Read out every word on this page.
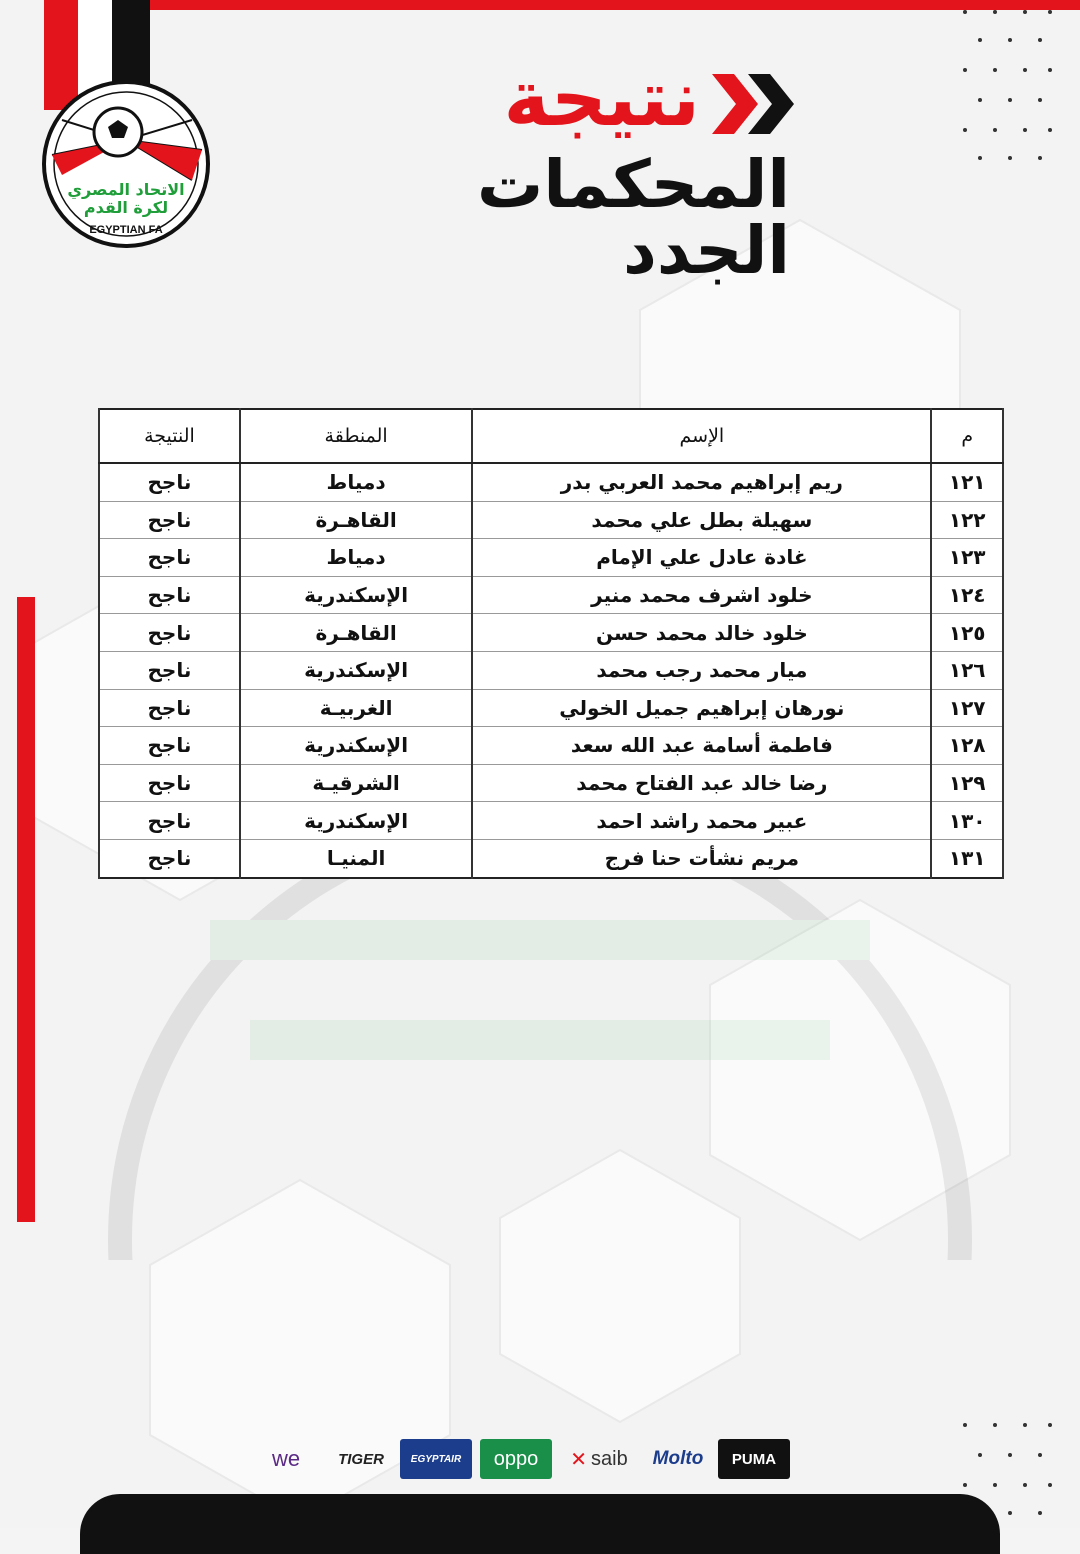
الاتحاد المصري
لكرة القدم
EGYPTIAN FA
نتيجة
المحكمات الجدد
م	الإسم	المنطقة	النتيجة
١٢١	ريم إبراهيم محمد العربي بدر	دمياط	ناجح
١٢٢	سهيلة بطل علي محمد	القاهـرة	ناجح
١٢٣	غادة عادل علي الإمام	دمياط	ناجح
١٢٤	خلود اشرف محمد منير	الإسكندرية	ناجح
١٢٥	خلود خالد محمد حسن	القاهـرة	ناجح
١٢٦	ميار محمد رجب محمد	الإسكندرية	ناجح
١٢٧	نورهان إبراهيم جميل الخولي	الغربيـة	ناجح
١٢٨	فاطمة أسامة عبد الله سعد	الإسكندرية	ناجح
١٢٩	رضا خالد عبد الفتاح محمد	الشرقيـة	ناجح
١٣٠	عبير محمد راشد احمد	الإسكندرية	ناجح
١٣١	مريم نشأت حنا فرج	المنيـا	ناجح
we	TIGER	EGYPTAIR	oppo	✕ saib	Molto	PUMA
